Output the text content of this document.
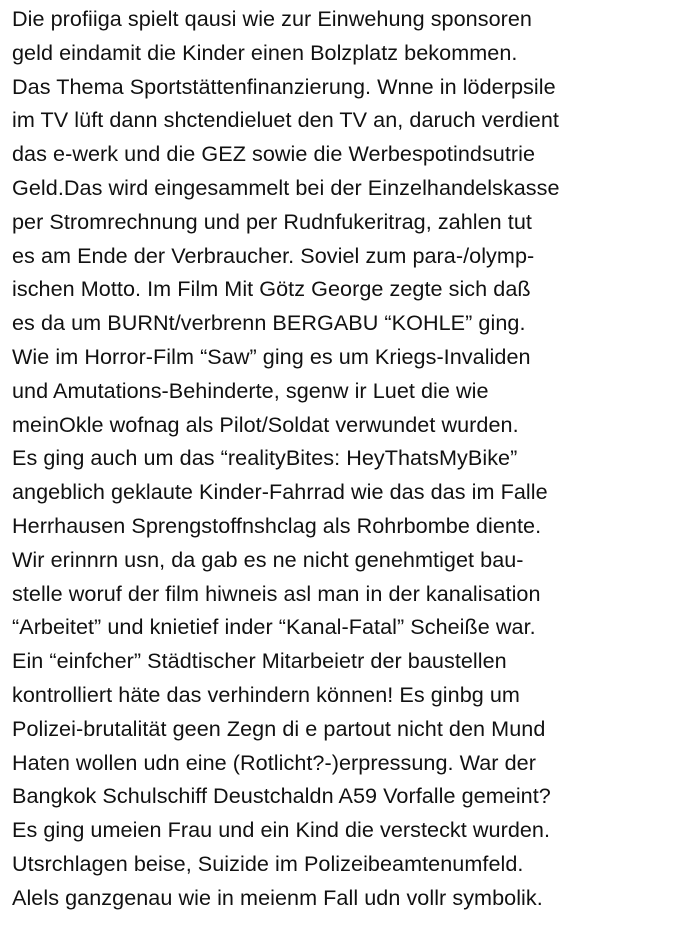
Die profiiga spielt qausi wie zur Einwehung sponsoren
geld eindamit die Kinder einen Bolzplatz bekommen.
Das Thema Sportstättenfinanzierung. Wnne in löderpsile
im TV lüft dann shctendieluet den TV an, daruch verdient
das e-werk und die GEZ sowie die Werbespotindsutrie
Geld.Das wird eingesammelt bei der Einzelhandelskasse
per Stromrechnung und per Rudnfukeritrag, zahlen tut
es am Ende der Verbraucher. Soviel zum para-/olymp-
ischen Motto. Im Film Mit Götz George zegte sich daß
es da um BURNt/verbrenn BERGABU “KOHLE” ging.
Wie im Horror-Film “Saw” ging es um Kriegs-Invaliden
und Amutations-Behinderte, sgenw ir Luet die wie
meinOkle wofnag als Pilot/Soldat verwundet wurden.
Es ging auch um das “realityBites: HeyThatsMyBike”
angeblich geklaute Kinder-Fahrrad wie das das im Falle
Herrhausen Sprengstoffnshclag als Rohrbombe diente.
Wir erinnrn usn, da gab es ne nicht genehmtiget bau-
stelle woruf der film hiwneis asl man in der kanalisation
“Arbeitet” und knietief inder “Kanal-Fatal” Scheiße war.
Ein “einfcher” Städtischer Mitarbeietr der baustellen
kontrolliert häte das verhindern können! Es ginbg um
Polizei-brutalität geen Zegn di e partout nicht den Mund
Haten wollen udn eine (Rotlicht?-)erpressung. War der
Bangkok Schulschiff Deustchaldn A59 Vorfalle gemeint?
Es ging umeien Frau und ein Kind die versteckt wurden.
Utsrchlagen beise, Suizide im Polizeibeamtenumfeld.
Alels ganzgenau wie in meienm Fall udn vollr symbolik.
